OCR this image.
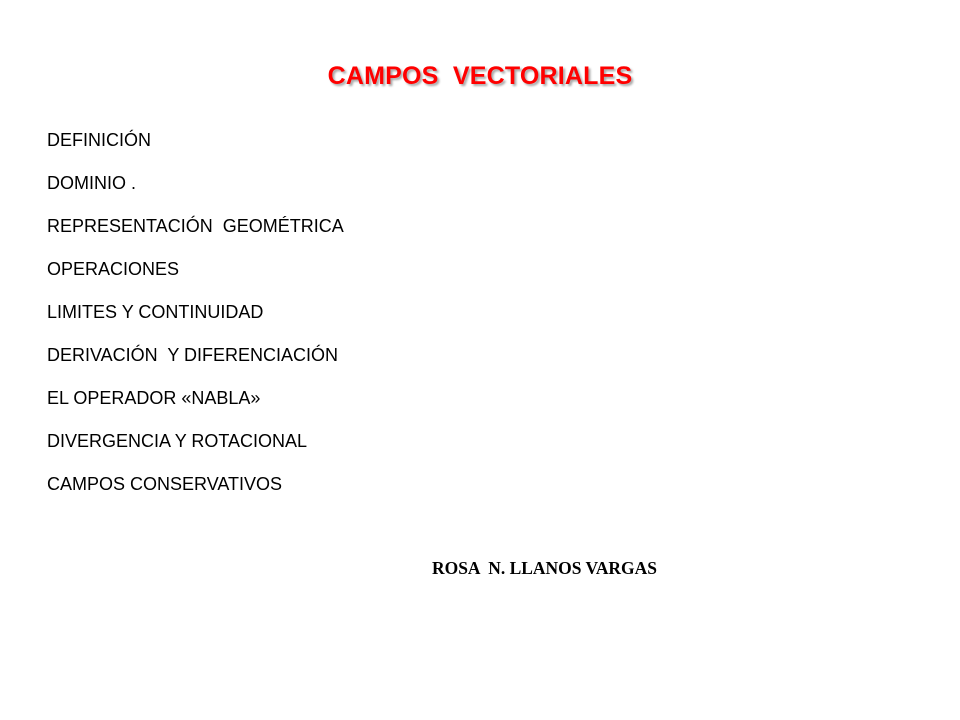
CAMPOS  VECTORIALES
DEFINICIÓN
DOMINIO .
REPRESENTACIÓN  GEOMÉTRICA
OPERACIONES
LIMITES Y CONTINUIDAD
DERIVACIÓN  Y DIFERENCIACIÓN
EL OPERADOR «NABLA»
DIVERGENCIA Y ROTACIONAL
CAMPOS CONSERVATIVOS
ROSA  N. LLANOS VARGAS
